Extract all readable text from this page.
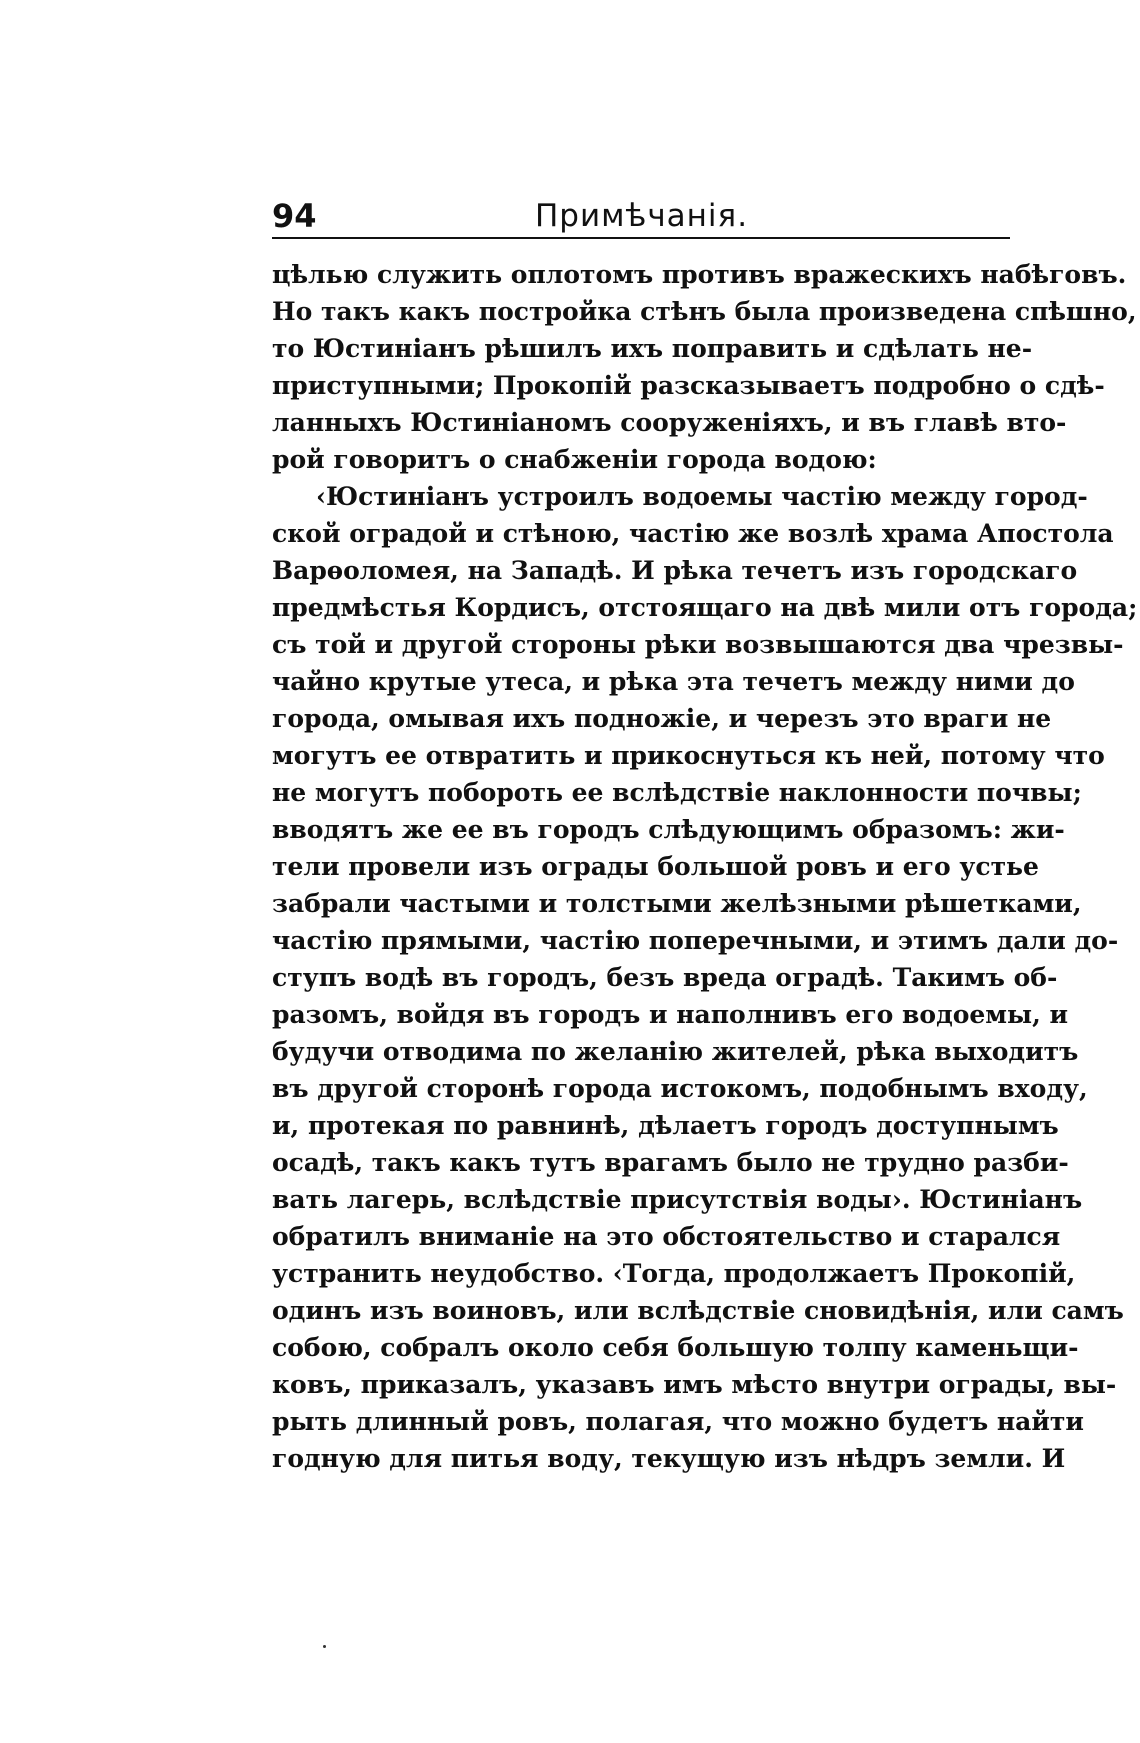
94	Примѣчанія.
цѣлью служить оплотомъ противъ вражескихъ набѣговъ.
Но такъ какъ постройка стѣнъ была произведена спѣшно,
то Юстиніанъ рѣшилъ ихъ поправить и сдѣлать не-
приступными; Прокопій разсказываетъ подробно о сдѣ-
ланныхъ Юстиніаномъ сооруженіяхъ, и въ главѣ вто-
рой говоритъ о снабженіи города водою:
‹Юстиніанъ устроилъ водоемы частію между город-
ской оградой и стѣною, частію же возлѣ храма Апостола
Варѳоломея, на Западѣ. И рѣка течетъ изъ городскаго
предмѣстья Кордисъ, отстоящаго на двѣ мили отъ города;
съ той и другой стороны рѣки возвышаются два чрезвы-
чайно крутые утеса, и рѣка эта течетъ между ними до
города, омывая ихъ подножіе, и черезъ это враги не
могутъ ее отвратить и прикоснуться къ ней, потому что
не могутъ побороть ее вслѣдствіе наклонности почвы;
вводятъ же ее въ городъ слѣдующимъ образомъ: жи-
тели провели изъ ограды большой ровъ и его устье
забрали частыми и толстыми желѣзными рѣшетками,
частію прямыми, частію поперечными, и этимъ дали до-
ступъ водѣ въ городъ, безъ вреда оградѣ. Такимъ об-
разомъ, войдя въ городъ и наполнивъ его водоемы, и
будучи отводима по желанію жителей, рѣка выходитъ
въ другой сторонѣ города истокомъ, подобнымъ входу,
и, протекая по равнинѣ, дѣлаетъ городъ доступнымъ
осадѣ, такъ какъ тутъ врагамъ было не трудно разби-
вать лагерь, вслѣдствіе присутствія воды›. Юстиніанъ
обратилъ вниманіе на это обстоятельство и старался
устранить неудобство. ‹Тогда, продолжаетъ Прокопій,
одинъ изъ воиновъ, или вслѣдствіе сновидѣнія, или самъ
собою, собралъ около себя большую толпу каменьщи-
ковъ, приказалъ, указавъ имъ мѣсто внутри ограды, вы-
рыть длинный ровъ, полагая, что можно будетъ найти
годную для питья воду, текущую изъ нѣдръ земли. И
